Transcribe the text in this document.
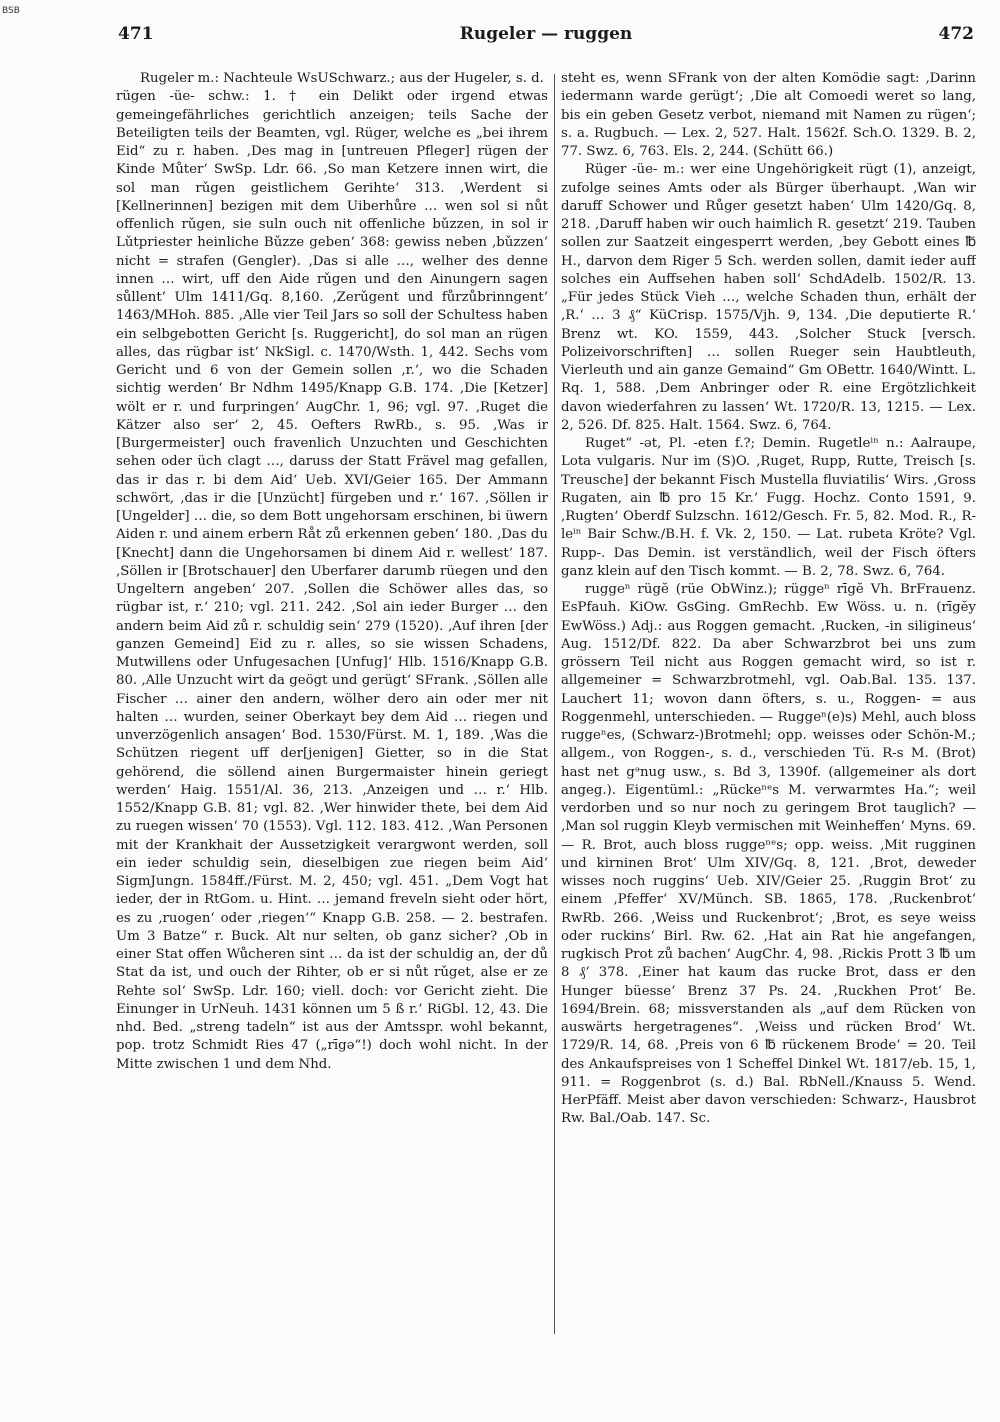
BSB
471	Rugeler — ruggen	472

Rugeler m.: Nachteule WsUSchwarz.; aus der Hugeler, s. d.

rügen -üe- schw.: 1. † ein Delikt oder irgend etwas gemeingefährliches gerichtlich anzeigen; teils Sache der Beteiligten teils der Beamten, vgl. Rüger, welche es „bei ihrem Eid“ zu r. haben. ‚Des mag in [untreuen Pfleger] rügen der Kinde Můter‘ SwSp. Ldr. 66. ‚So man Ketzere innen wirt, die sol man rǔgen geistlichem Gerihte‘ 313. ‚Werdent si [Kellnerinnen] bezigen mit dem Uiberhůre … wen sol si nůt offenlich rǔgen, sie suln ouch nit offenliche bǔzzen, in sol ir Lǔtpriester heinliche Bǔzze geben‘ 368: gewiss neben ‚bǔzzen‘ nicht = strafen (Gengler). ‚Das si alle …, welher des denne innen … wirt, uff den Aide rǔgen und den Ainungern sagen sůllent‘ Ulm 1411/Gq. 8,160. ‚Zerǔgent und fůrzůbrinngent‘ 1463/MHoh. 885. ‚Alle vier Teil Jars so soll der Schultess haben ein selbgebotten Gericht [s. Ruggericht], do sol man an rügen alles, das rügbar ist‘ NkSigl. c. 1470/Wsth. 1, 442. Sechs vom Gericht und 6 von der Gemein sollen ‚r.‘, wo die Schaden sichtig werden‘ Br Ndhm 1495/Knapp G.B. 174. ‚Die [Ketzer] wölt er r. und furpringen‘ AugChr. 1, 96; vgl. 97. ‚Ruget die Kätzer also ser‘ 2, 45. Oefters RwRb., s. 95. ‚Was ir [Burgermeister] ouch fravenlich Unzuchten und Geschichten sehen oder üch clagt …, daruss der Statt Frävel mag gefallen, das ir das r. bi dem Aid‘ Ueb. XVI/Geier 165. Der Ammann schwört, ‚das ir die [Unzücht] fürgeben und r.‘ 167. ‚Söllen ir [Ungelder] … die, so dem Bott ungehorsam erschinen, bi üwern Aiden r. und ainem erbern Råt zů erkennen geben‘ 180. ‚Das du [Knecht] dann die Ungehorsamen bi dinem Aid r. wellest‘ 187. ‚Söllen ir [Brotschauer] den Uberfarer darumb rüegen und den Ungeltern angeben‘ 207. ‚Sollen die Schöwer alles das, so rügbar ist, r.‘ 210; vgl. 211. 242. ‚Sol ain ieder Burger … den andern beim Aid zů r. schuldig sein‘ 279 (1520). ‚Auf ihren [der ganzen Gemeind] Eid zu r. alles, so sie wissen Schadens, Mutwillens oder Unfugesachen [Unfug]‘ Hlb. 1516/Knapp G.B. 80. ‚Alle Unzucht wirt da geögt und gerügt‘ SFrank. ‚Söllen alle Fischer … ainer den andern, wölher dero ain oder mer nit halten … wurden, seiner Oberkayt bey dem Aid … riegen und unverzögenlich ansagen‘ Bod. 1530/Fürst. M. 1, 189. ‚Was die Schützen riegent uff der[jenigen] Gietter, so in die Stat gehörend, die söllend ainen Burgermaister hinein geriegt werden‘ Haig. 1551/Al. 36, 213. ‚Anzeigen und … r.‘ Hlb. 1552/Knapp G.B. 81; vgl. 82. ‚Wer hinwider thete, bei dem Aid zu ruegen wissen‘ 70 (1553). Vgl. 112. 183. 412. ‚Wan Personen mit der Krankhait der Aussetzigkeit verargwont werden, soll ein ieder schuldig sein, dieselbigen zue riegen beim Aid‘ SigmJungn. 1584ff./Fürst. M. 2, 450; vgl. 451. „Dem Vogt hat ieder, der in RtGom. u. Hint. … jemand freveln sieht oder hört, es zu ‚ruogen‘ oder ‚riegen‘“ Knapp G.B. 258. — 2. bestrafen. Um 3 Batze“ r. Buck. Alt nur selten, ob ganz sicher? ‚Ob in einer Stat offen Wůcheren sint … da ist der schuldig an, der dů Stat da ist, und ouch der Rihter, ob er si nůt rǔget, alse er ze Rehte sol‘ SwSp. Ldr. 160; viell. doch: vor Gericht zieht. Die Einunger in UrNeuh. 1431 können um 5 ß r.‘ RiGbl. 12, 43. Die nhd. Bed. „streng tadeln“ ist aus der Amtsspr. wohl bekannt, pop. trotz Schmidt Ries 47 („rīgə“!) doch wohl nicht. In der Mitte zwischen 1 und dem Nhd.

steht es, wenn SFrank von der alten Komödie sagt: ‚Darinn iedermann warde gerügt‘; ‚Die alt Comoedi weret so lang, bis ein geben Gesetz verbot, niemand mit Namen zu rügen‘; s. a. Rugbuch. — Lex. 2, 527. Halt. 1562f. Sch.O. 1329. B. 2, 77. Swz. 6, 763. Els. 2, 244. (Schütt 66.)

Rüger -üe- m.: wer eine Ungehörigkeit rügt (1), anzeigt, zufolge seines Amts oder als Bürger überhaupt. ‚Wan wir daruff Schower und Růger gesetzt haben‘ Ulm 1420/Gq. 8, 218. ‚Daruff haben wir ouch haimlich R. gesetzt‘ 219. Tauben sollen zur Saatzeit eingesperrt werden, ‚bey Gebott eines ℔ H., darvon dem Riger 5 Sch. werden sollen, damit ieder auff solches ein Auffsehen haben soll‘ SchdAdelb. 1502/R. 13. „Für jedes Stück Vieh …, welche Schaden thun, erhält der ‚R.‘ … 3 ₰“ KüCrisp. 1575/Vjh. 9, 134. ‚Die deputierte R.‘ Brenz wt. KO. 1559, 443. ‚Solcher Stuck [versch. Polizeivorschriften] … sollen Rueger sein Haubtleuth, Vierleuth und ain ganze Gemaind“ Gm OBettr. 1640/Wintt. L. Rq. 1, 588. ‚Dem Anbringer oder R. eine Ergötzlichkeit davon wiederfahren zu lassen‘ Wt. 1720/R. 13, 1215. — Lex. 2, 526. Df. 825. Halt. 1564. Swz. 6, 764.

Ruget“ -ət, Pl. -eten f.?; Demin. Rugetleⁱⁿ n.: Aalraupe, Lota vulgaris. Nur im (S)O. ‚Ruget, Rupp, Rutte, Treisch [s. Treusche] der bekannt Fisch Mustella fluviatilis‘ Wirs. ‚Gross Rugaten, ain ℔ pro 15 Kr.‘ Fugg. Hochz. Conto 1591, 9. ‚Rugten‘ Oberdf Sulzschn. 1612/Gesch. Fr. 5, 82. Mod. R., R-leⁱⁿ Bair Schw./B.H. f. Vk. 2, 150. — Lat. rubeta Kröte? Vgl. Rupp-. Das Demin. ist verständlich, weil der Fisch öfters ganz klein auf den Tisch kommt. — B. 2, 78. Swz. 6, 764.

ruggeⁿ rügĕ (rüe ObWinz.); rüggeⁿ rīgĕ Vh. BrFrauenz. EsPfauh. KiOw. GsGing. GmRechb. Ew Wöss. u. n. (rīgĕy EwWöss.) Adj.: aus Roggen gemacht. ‚Rucken, -in siligineus‘ Aug. 1512/Df. 822. Da aber Schwarzbrot bei uns zum grössern Teil nicht aus Roggen gemacht wird, so ist r. allgemeiner = Schwarzbrotmehl, vgl. Oab.Bal. 135. 137. Lauchert 11; wovon dann öfters, s. u., Roggen- = aus Roggenmehl, unterschieden. — Ruggeⁿ(e)s) Mehl, auch bloss ruggeⁿes, (Schwarz-)Brotmehl; opp. weisses oder Schön-M.; allgem., von Roggen-, s. d., verschieden Tü. R-s M. (Brot) hast net gᵊnug usw., s. Bd 3, 1390f. (allgemeiner als dort angeg.). Eigentüml.: „Rückeⁿᵉs M. verwarmtes Ha.“; weil verdorben und so nur noch zu geringem Brot tauglich? — ‚Man sol ruggin Kleyb vermischen mit Weinheffen‘ Myns. 69. — R. Brot, auch bloss ruggeⁿᵉs; opp. weiss. ‚Mit rugginen und kirninen Brot‘ Ulm XIV/Gq. 8, 121. ‚Brot, deweder wisses noch ruggins‘ Ueb. XIV/Geier 25. ‚Ruggin Brot‘ zu einem ‚Pfeffer‘ XV/Münch. SB. 1865, 178. ‚Ruckenbrot‘ RwRb. 266. ‚Weiss und Ruckenbrot‘; ‚Brot, es seye weiss oder ruckins‘ Birl. Rw. 62. ‚Hat ain Rat hie angefangen, rugkisch Prot zů bachen‘ AugChr. 4, 98. ‚Rickis Prott 3 ℔ um 8 ₰‘ 378. ‚Einer hat kaum das rucke Brot, dass er den Hunger büesse‘ Brenz 37 Ps. 24. ‚Ruckhen Prot‘ Be. 1694/Brein. 68; missverstanden als „auf dem Rücken von auswärts hergetragenes“. ‚Weiss und rücken Brod‘ Wt. 1729/R. 14, 68. ‚Preis von 6 ℔ rückenem Brode‘ = 20. Teil des Ankaufspreises von 1 Scheffel Dinkel Wt. 1817/eb. 15, 1, 911. = Roggenbrot (s. d.) Bal. RbNell./Knauss 5. Wend. HerPfäff. Meist aber davon verschieden: Schwarz-, Hausbrot Rw. Bal./Oab. 147. Sc.
